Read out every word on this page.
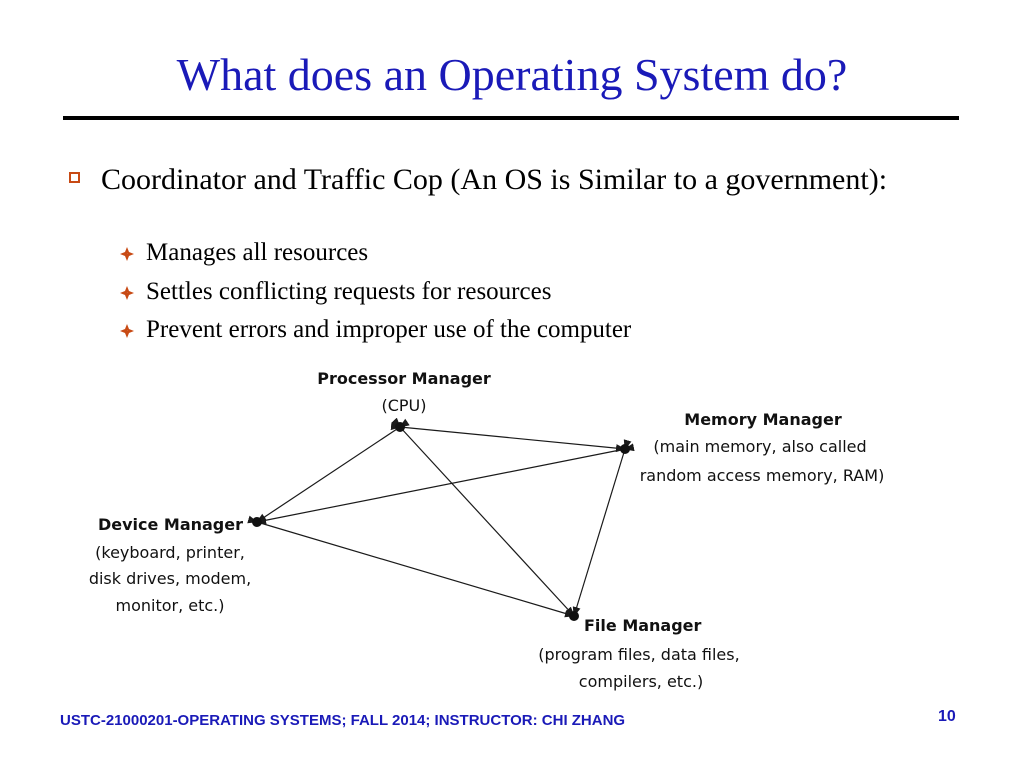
What does an Operating System do?
Coordinator and Traffic Cop (An OS is Similar to a government):
Manages all resources
Settles conflicting requests for resources
Prevent errors and improper use of the computer
Processor Manager
(CPU)
Memory Manager
(main memory, also called
random access memory, RAM)
Device Manager
(keyboard, printer,
disk drives, modem,
monitor, etc.)
File Manager
(program files, data files,
compilers, etc.)
USTC-21000201-OPERATING SYSTEMS; FALL 2014; INSTRUCTOR: CHI ZHANG	10
